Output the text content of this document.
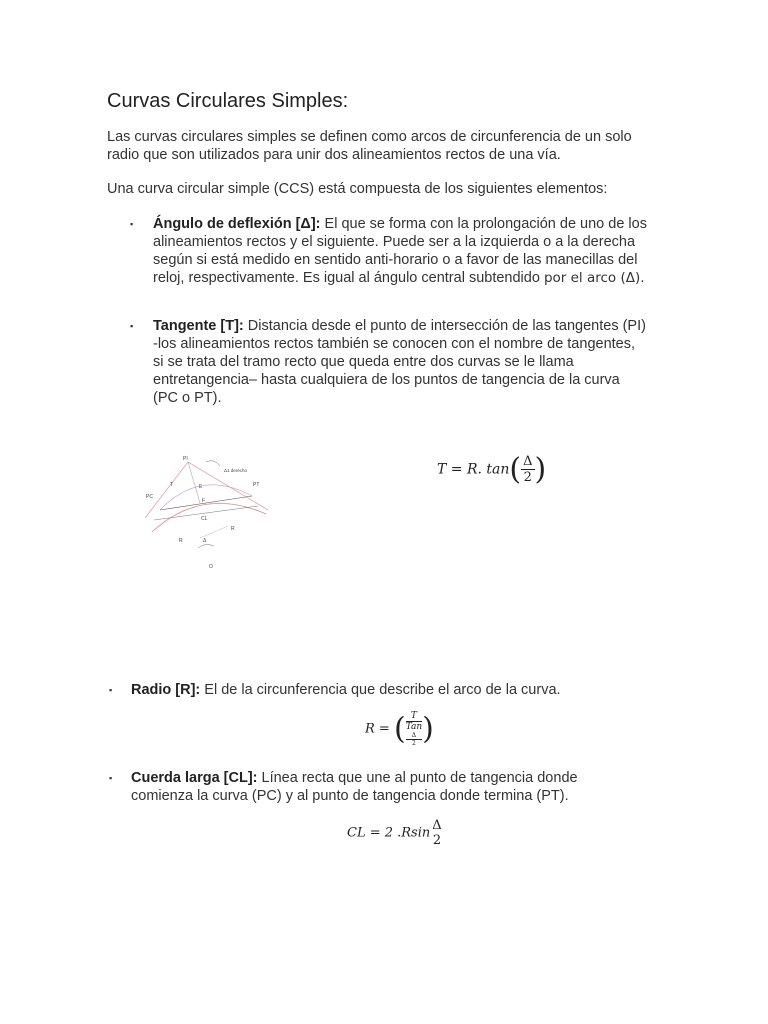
Curvas Circulares Simples:

Las curvas circulares simples se definen como arcos de circunferencia de un solo radio que son utilizados para unir dos alineamientos rectos de una vía.

Una curva circular simple (CCS) está compuesta de los siguientes elementos:

▪ Ángulo de deflexión [Δ]: El que se forma con la prolongación de uno de los alineamientos rectos y el siguiente. Puede ser a la izquierda o a la derecha según si está medido en sentido anti-horario o a favor de las manecillas del reloj, respectivamente. Es igual al ángulo central subtendido por el arco (Δ).

▪ Tangente [T]: Distancia desde el punto de intersección de las tangentes (PI) -los alineamientos rectos también se conocen con el nombre de tangentes, si se trata del tramo recto que queda entre dos curvas se le llama entretangencia– hasta cualquiera de los puntos de tangencia de la curva (PC o PT).

PI
Δ1 derecho
PT
PC
T	E
F
CL
R
R
Δ
O
T = R. $\tan( \frac{\Delta}{2}$ )
▪ Radio [R]: El de la circunferencia que describe el arco de la curva.

R = ( T
Tan
Δ
2 )
▪ Cuerda larga [CL]: Línea recta que une al punto de tangencia donde comienza la curva (PC) y al punto de tangencia donde termina (PT).

CL = 2 .Rsin Δ
2
